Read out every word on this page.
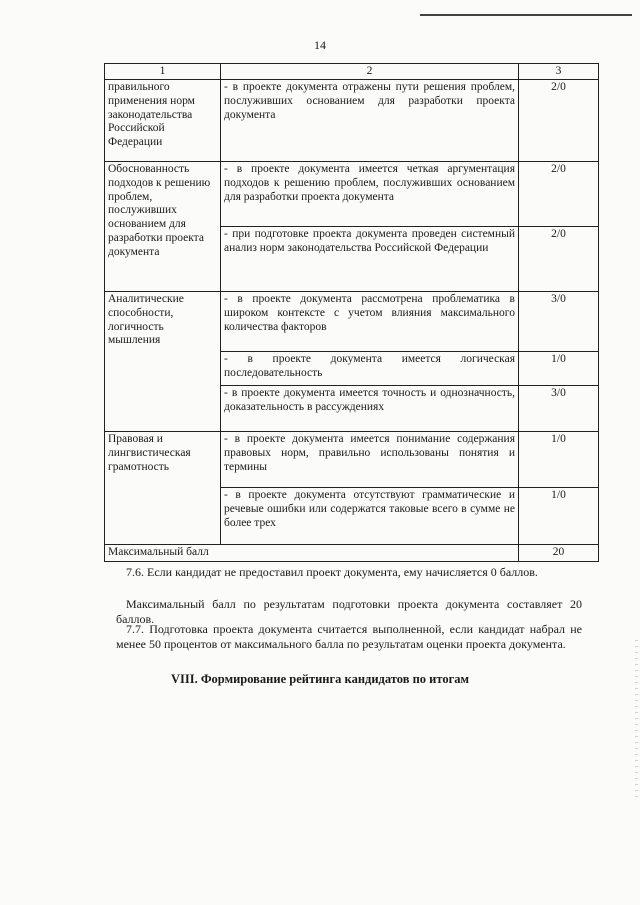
14
1	2	3
правильного применения норм законодательства Российской Федерации	- в проекте документа отражены пути решения проблем, послуживших основанием для разработки проекта документа	2/0
Обоснованность подходов к решению проблем, послуживших основанием для разработки проекта документа	- в проекте документа имеется четкая аргументация подходов к решению проблем, послуживших основанием для разработки проекта документа	2/0
	- при подготовке проекта документа проведен системный анализ норм законодательства Российской Федерации	2/0
Аналитические способности, логичность мышления	- в проекте документа рассмотрена проблематика в широком контексте с учетом влияния максимального количества факторов	3/0
	- в проекте документа имеется логическая последовательность	1/0
	- в проекте документа имеется точность и однозначность, доказательность в рассуждениях	3/0
Правовая и лингвистическая грамотность	- в проекте документа имеется понимание содержания правовых норм, правильно использованы понятия и термины	1/0
	- в проекте документа отсутствуют грамматические и речевые ошибки или содержатся таковые всего в сумме не более трех	1/0
Максимальный балл		20

7.6. Если кандидат не предоставил проект документа, ему начисляется 0 баллов.

Максимальный балл по результатам подготовки проекта документа составляет 20 баллов.

7.7. Подготовка проекта документа считается выполненной, если кандидат набрал не менее 50 процентов от максимального балла по результатам оценки проекта документа.

VIII. Формирование рейтинга кандидатов по итогам
